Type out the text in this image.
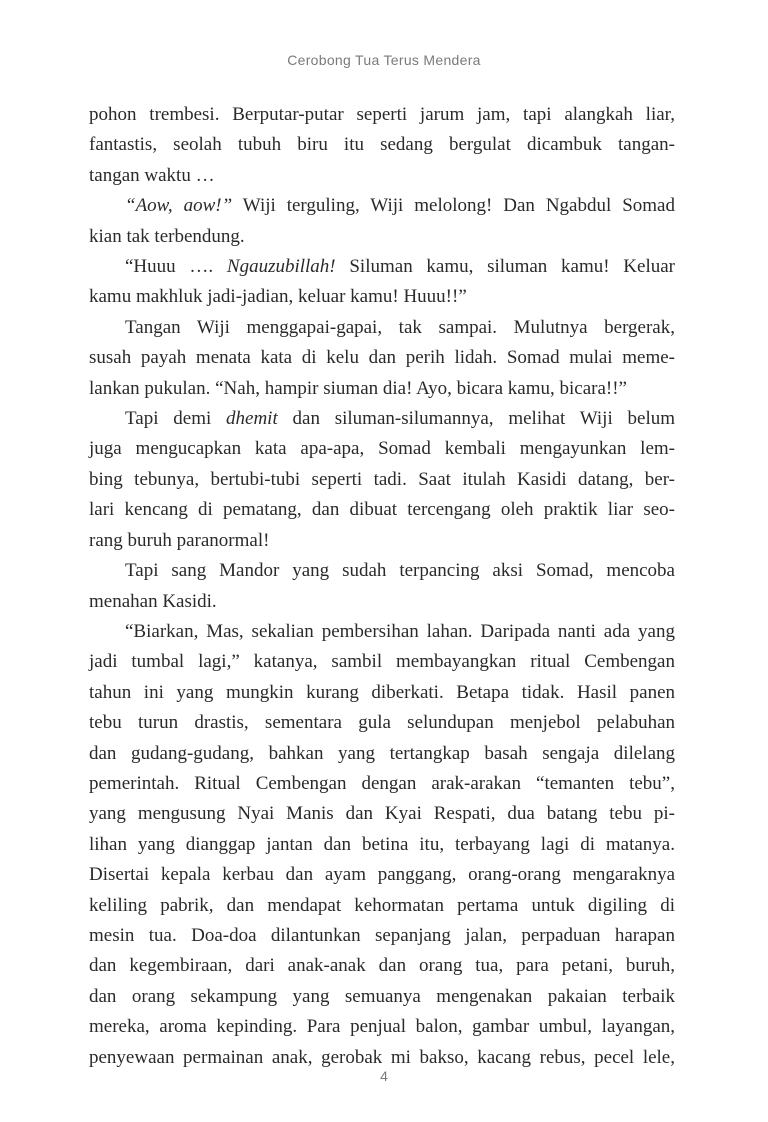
Cerobong Tua Terus Mendera
pohon trembesi. Berputar-putar seperti jarum jam, tapi alangkah liar,
fantastis, seolah tubuh biru itu sedang bergulat dicambuk tangan-
tangan waktu …
“Aow, aow!” Wiji terguling, Wiji melolong! Dan Ngabdul Somad
kian tak terbendung.
“Huuu …. Ngauzubillah! Siluman kamu, siluman kamu! Keluar
kamu makhluk jadi-jadian, keluar kamu! Huuu!!”
Tangan Wiji menggapai-gapai, tak sampai. Mulutnya bergerak,
susah payah menata kata di kelu dan perih lidah. Somad mulai meme-
lankan pukulan. “Nah, hampir siuman dia! Ayo, bicara kamu, bicara!!”
Tapi demi dhemit dan siluman-silumannya, melihat Wiji belum
juga mengucapkan kata apa-apa, Somad kembali mengayunkan lem-
bing tebunya, bertubi-tubi seperti tadi. Saat itulah Kasidi datang, ber-
lari kencang di pematang, dan dibuat tercengang oleh praktik liar seo-
rang buruh paranormal!
Tapi sang Mandor yang sudah terpancing aksi Somad, mencoba
menahan Kasidi.
“Biarkan, Mas, sekalian pembersihan lahan. Daripada nanti ada yang
jadi tumbal lagi,” katanya, sambil membayangkan ritual Cembengan
tahun ini yang mungkin kurang diberkati. Betapa tidak. Hasil panen
tebu turun drastis, sementara gula selundupan menjebol pelabuhan
dan gudang-gudang, bahkan yang tertangkap basah sengaja dilelang
pemerintah. Ritual Cembengan dengan arak-arakan “temanten tebu”,
yang mengusung Nyai Manis dan Kyai Respati, dua batang tebu pi-
lihan yang dianggap jantan dan betina itu, terbayang lagi di matanya.
Disertai kepala kerbau dan ayam panggang, orang-orang mengaraknya
keliling pabrik, dan mendapat kehormatan pertama untuk digiling di
mesin tua. Doa-doa dilantunkan sepanjang jalan, perpaduan harapan
dan kegembiraan, dari anak-anak dan orang tua, para petani, buruh,
dan orang sekampung yang semuanya mengenakan pakaian terbaik
mereka, aroma kepinding. Para penjual balon, gambar umbul, layangan,
penyewaan permainan anak, gerobak mi bakso, kacang rebus, pecel lele,
4
